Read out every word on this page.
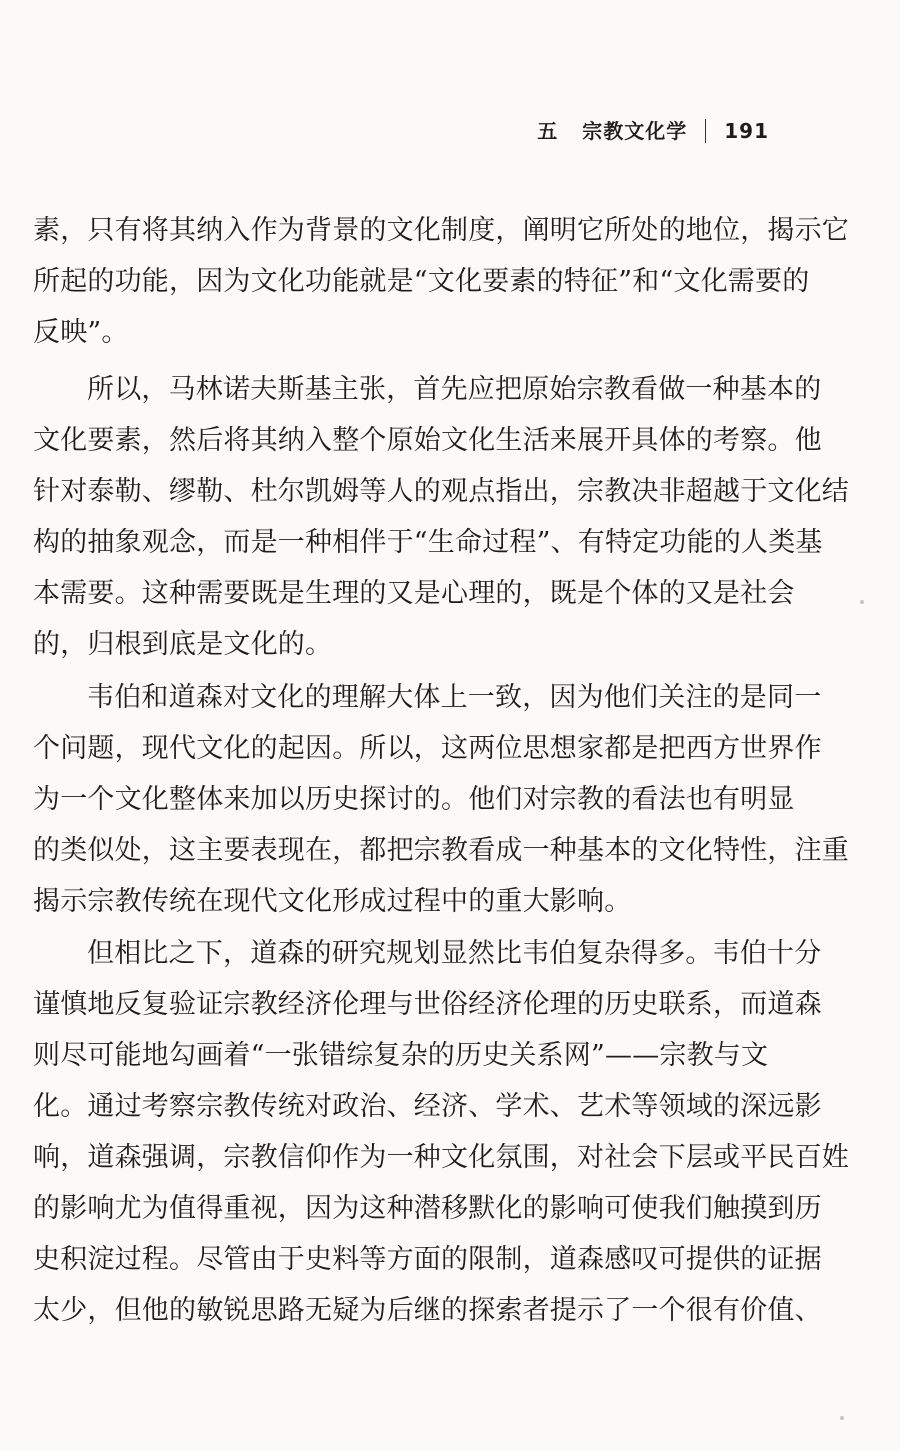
五 宗教文化学 191
素，只有将其纳入作为背景的文化制度，阐明它所处的地位，揭示它
所起的功能，因为文化功能就是“文化要素的特征”和“文化需要的
反映”。
所以，马林诺夫斯基主张，首先应把原始宗教看做一种基本的
文化要素，然后将其纳入整个原始文化生活来展开具体的考察。他
针对泰勒、缪勒、杜尔凯姆等人的观点指出，宗教决非超越于文化结
构的抽象观念，而是一种相伴于“生命过程”、有特定功能的人类基
本需要。这种需要既是生理的又是心理的，既是个体的又是社会
的，归根到底是文化的。
韦伯和道森对文化的理解大体上一致，因为他们关注的是同一
个问题，现代文化的起因。所以，这两位思想家都是把西方世界作
为一个文化整体来加以历史探讨的。他们对宗教的看法也有明显
的类似处，这主要表现在，都把宗教看成一种基本的文化特性，注重
揭示宗教传统在现代文化形成过程中的重大影响。
但相比之下，道森的研究规划显然比韦伯复杂得多。韦伯十分
谨慎地反复验证宗教经济伦理与世俗经济伦理的历史联系，而道森
则尽可能地勾画着“一张错综复杂的历史关系网”——宗教与文
化。通过考察宗教传统对政治、经济、学术、艺术等领域的深远影
响，道森强调，宗教信仰作为一种文化氛围，对社会下层或平民百姓
的影响尤为值得重视，因为这种潜移默化的影响可使我们触摸到历
史积淀过程。尽管由于史料等方面的限制，道森感叹可提供的证据
太少，但他的敏锐思路无疑为后继的探索者提示了一个很有价值、
